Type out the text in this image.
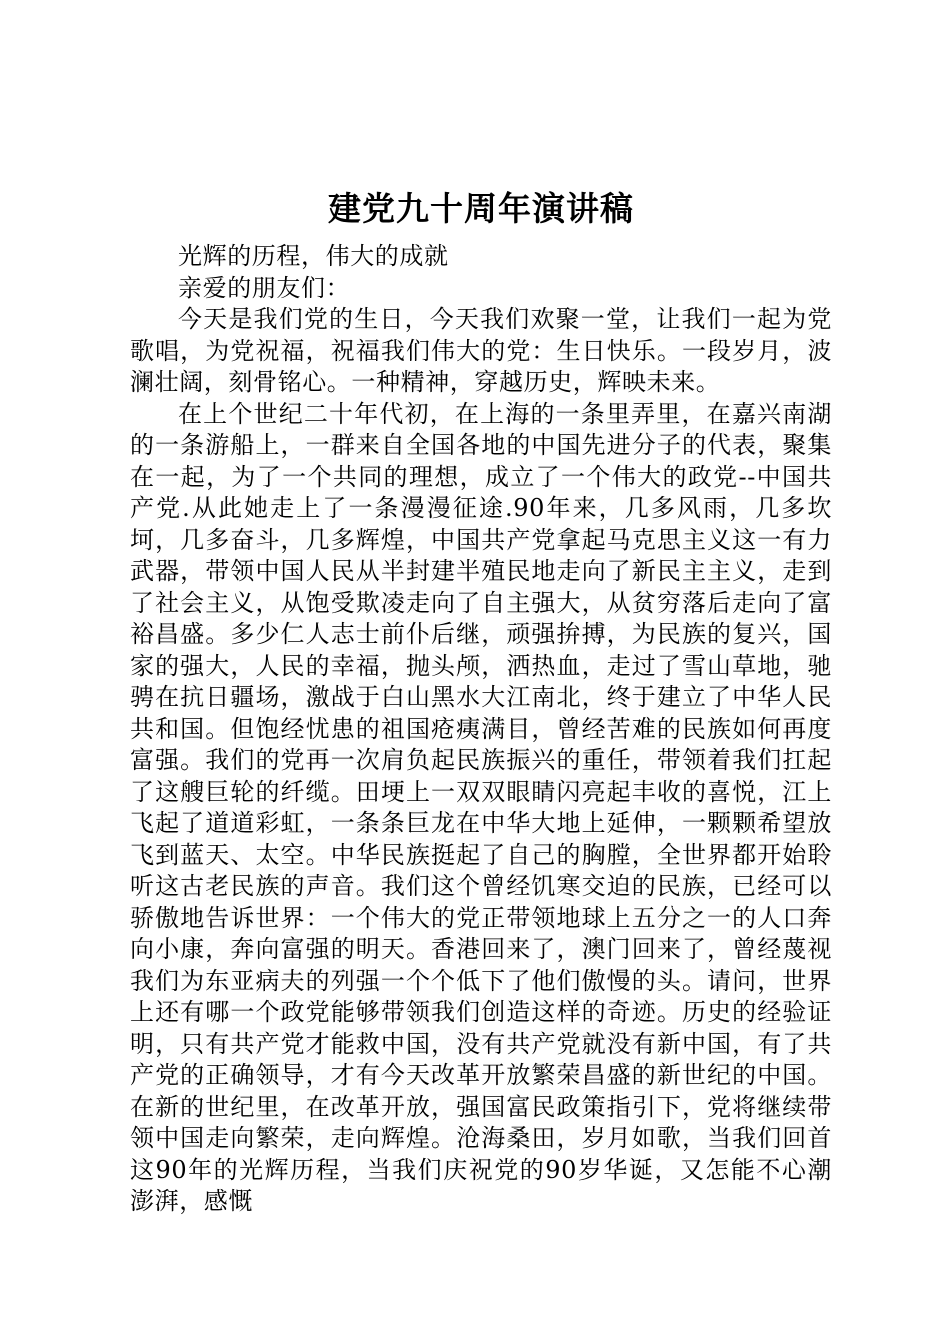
建党九十周年演讲稿

光辉的历程，伟大的成就

亲爱的朋友们：

今天是我们党的生日，今天我们欢聚一堂，让我们一起为党歌唱，为党祝福，祝福我们伟大的党：生日快乐。一段岁月，波澜壮阔，刻骨铭心。一种精神，穿越历史，辉映未来。

在上个世纪二十年代初，在上海的一条里弄里，在嘉兴南湖的一条游船上，一群来自全国各地的中国先进分子的代表，聚集在一起，为了一个共同的理想，成立了一个伟大的政党--中国共产党.从此她走上了一条漫漫征途.90年来，几多风雨，几多坎坷，几多奋斗，几多辉煌，中国共产党拿起马克思主义这一有力武器，带领中国人民从半封建半殖民地走向了新民主主义，走到了社会主义，从饱受欺凌走向了自主强大，从贫穷落后走向了富裕昌盛。多少仁人志士前仆后继，顽强拚搏，为民族的复兴，国家的强大，人民的幸福，抛头颅，洒热血，走过了雪山草地，驰骋在抗日疆场，激战于白山黑水大江南北，终于建立了中华人民共和国。但饱经忧患的祖国疮痍满目，曾经苦难的民族如何再度富强。我们的党再一次肩负起民族振兴的重任，带领着我们扛起了这艘巨轮的纤缆。田埂上一双双眼睛闪亮起丰收的喜悦，江上飞起了道道彩虹，一条条巨龙在中华大地上延伸，一颗颗希望放飞到蓝天、太空。中华民族挺起了自己的胸膛，全世界都开始聆听这古老民族的声音。我们这个曾经饥寒交迫的民族，已经可以骄傲地告诉世界：一个伟大的党正带领地球上五分之一的人口奔向小康，奔向富强的明天。香港回来了，澳门回来了，曾经蔑视我们为东亚病夫的列强一个个低下了他们傲慢的头。请问，世界上还有哪一个政党能够带领我们创造这样的奇迹。历史的经验证明，只有共产党才能救中国，没有共产党就没有新中国，有了共产党的正确领导，才有今天改革开放繁荣昌盛的新世纪的中国。在新的世纪里，在改革开放，强国富民政策指引下，党将继续带领中国走向繁荣，走向辉煌。沧海桑田，岁月如歌，当我们回首这90年的光辉历程，当我们庆祝党的90岁华诞，又怎能不心潮澎湃，感慨
